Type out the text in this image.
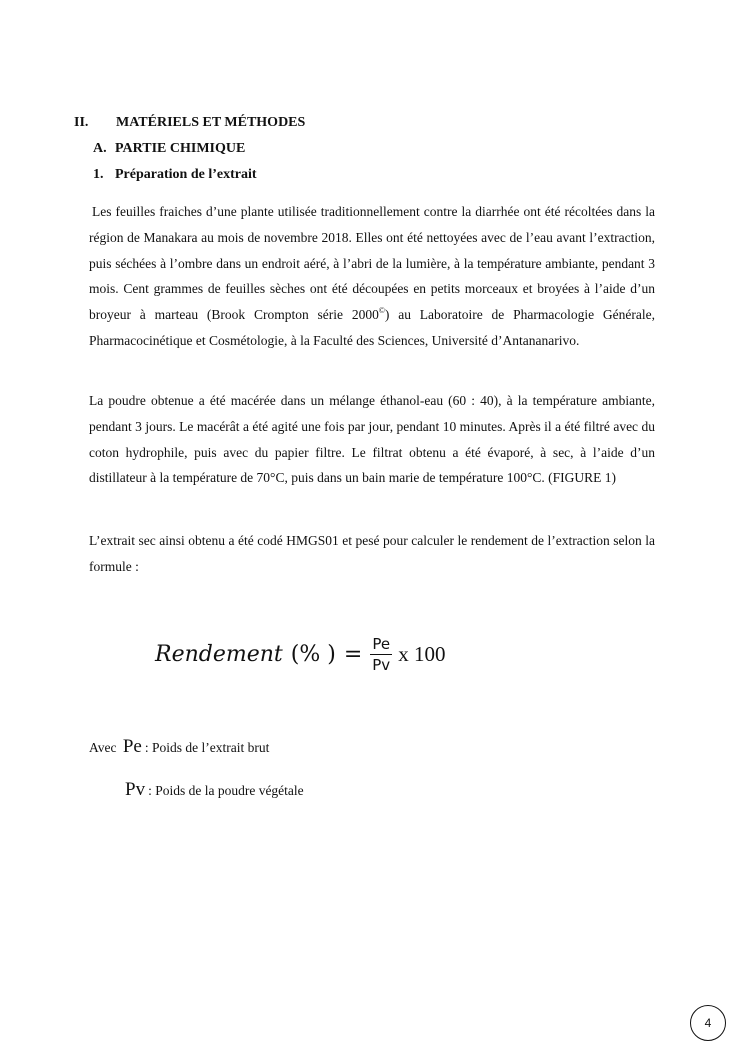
II. MATÉRIELS ET MÉTHODES
A. PARTIE CHIMIQUE
1. Préparation de l’extrait
Les feuilles fraiches d’une plante utilisée traditionnellement contre la diarrhée ont été récoltées dans la région de Manakara au mois de novembre 2018. Elles ont été nettoyées avec de l’eau avant l’extraction, puis séchées à l’ombre dans un endroit aéré, à l’abri de la lumière, à la température ambiante, pendant 3 mois. Cent grammes de feuilles sèches ont été découpées en petits morceaux et broyées à l’aide d’un broyeur à marteau (Brook Crompton série 2000©) au Laboratoire de Pharmacologie Générale, Pharmacocinétique et Cosmétologie, à la Faculté des Sciences, Université d’Antananarivo.
La poudre obtenue a été macérée dans un mélange éthanol-eau (60 : 40), à la température ambiante, pendant 3 jours. Le macérât a été agité une fois par jour, pendant 10 minutes. Après il a été filtré avec du coton hydrophile, puis avec du papier filtre. Le filtrat obtenu a été évaporé, à sec, à l’aide d’un distillateur à la température de 70°C, puis dans un bain marie de température 100°C. (FIGURE 1)
L’extrait sec ainsi obtenu a été codé HMGS01 et pesé pour calculer le rendement de l’extraction selon la formule :
Rendement (% ) = $\frac{Pe}{Pv}$ x 100
Avec Pe : Poids de l’extrait brut
Pv : Poids de la poudre végétale
4
